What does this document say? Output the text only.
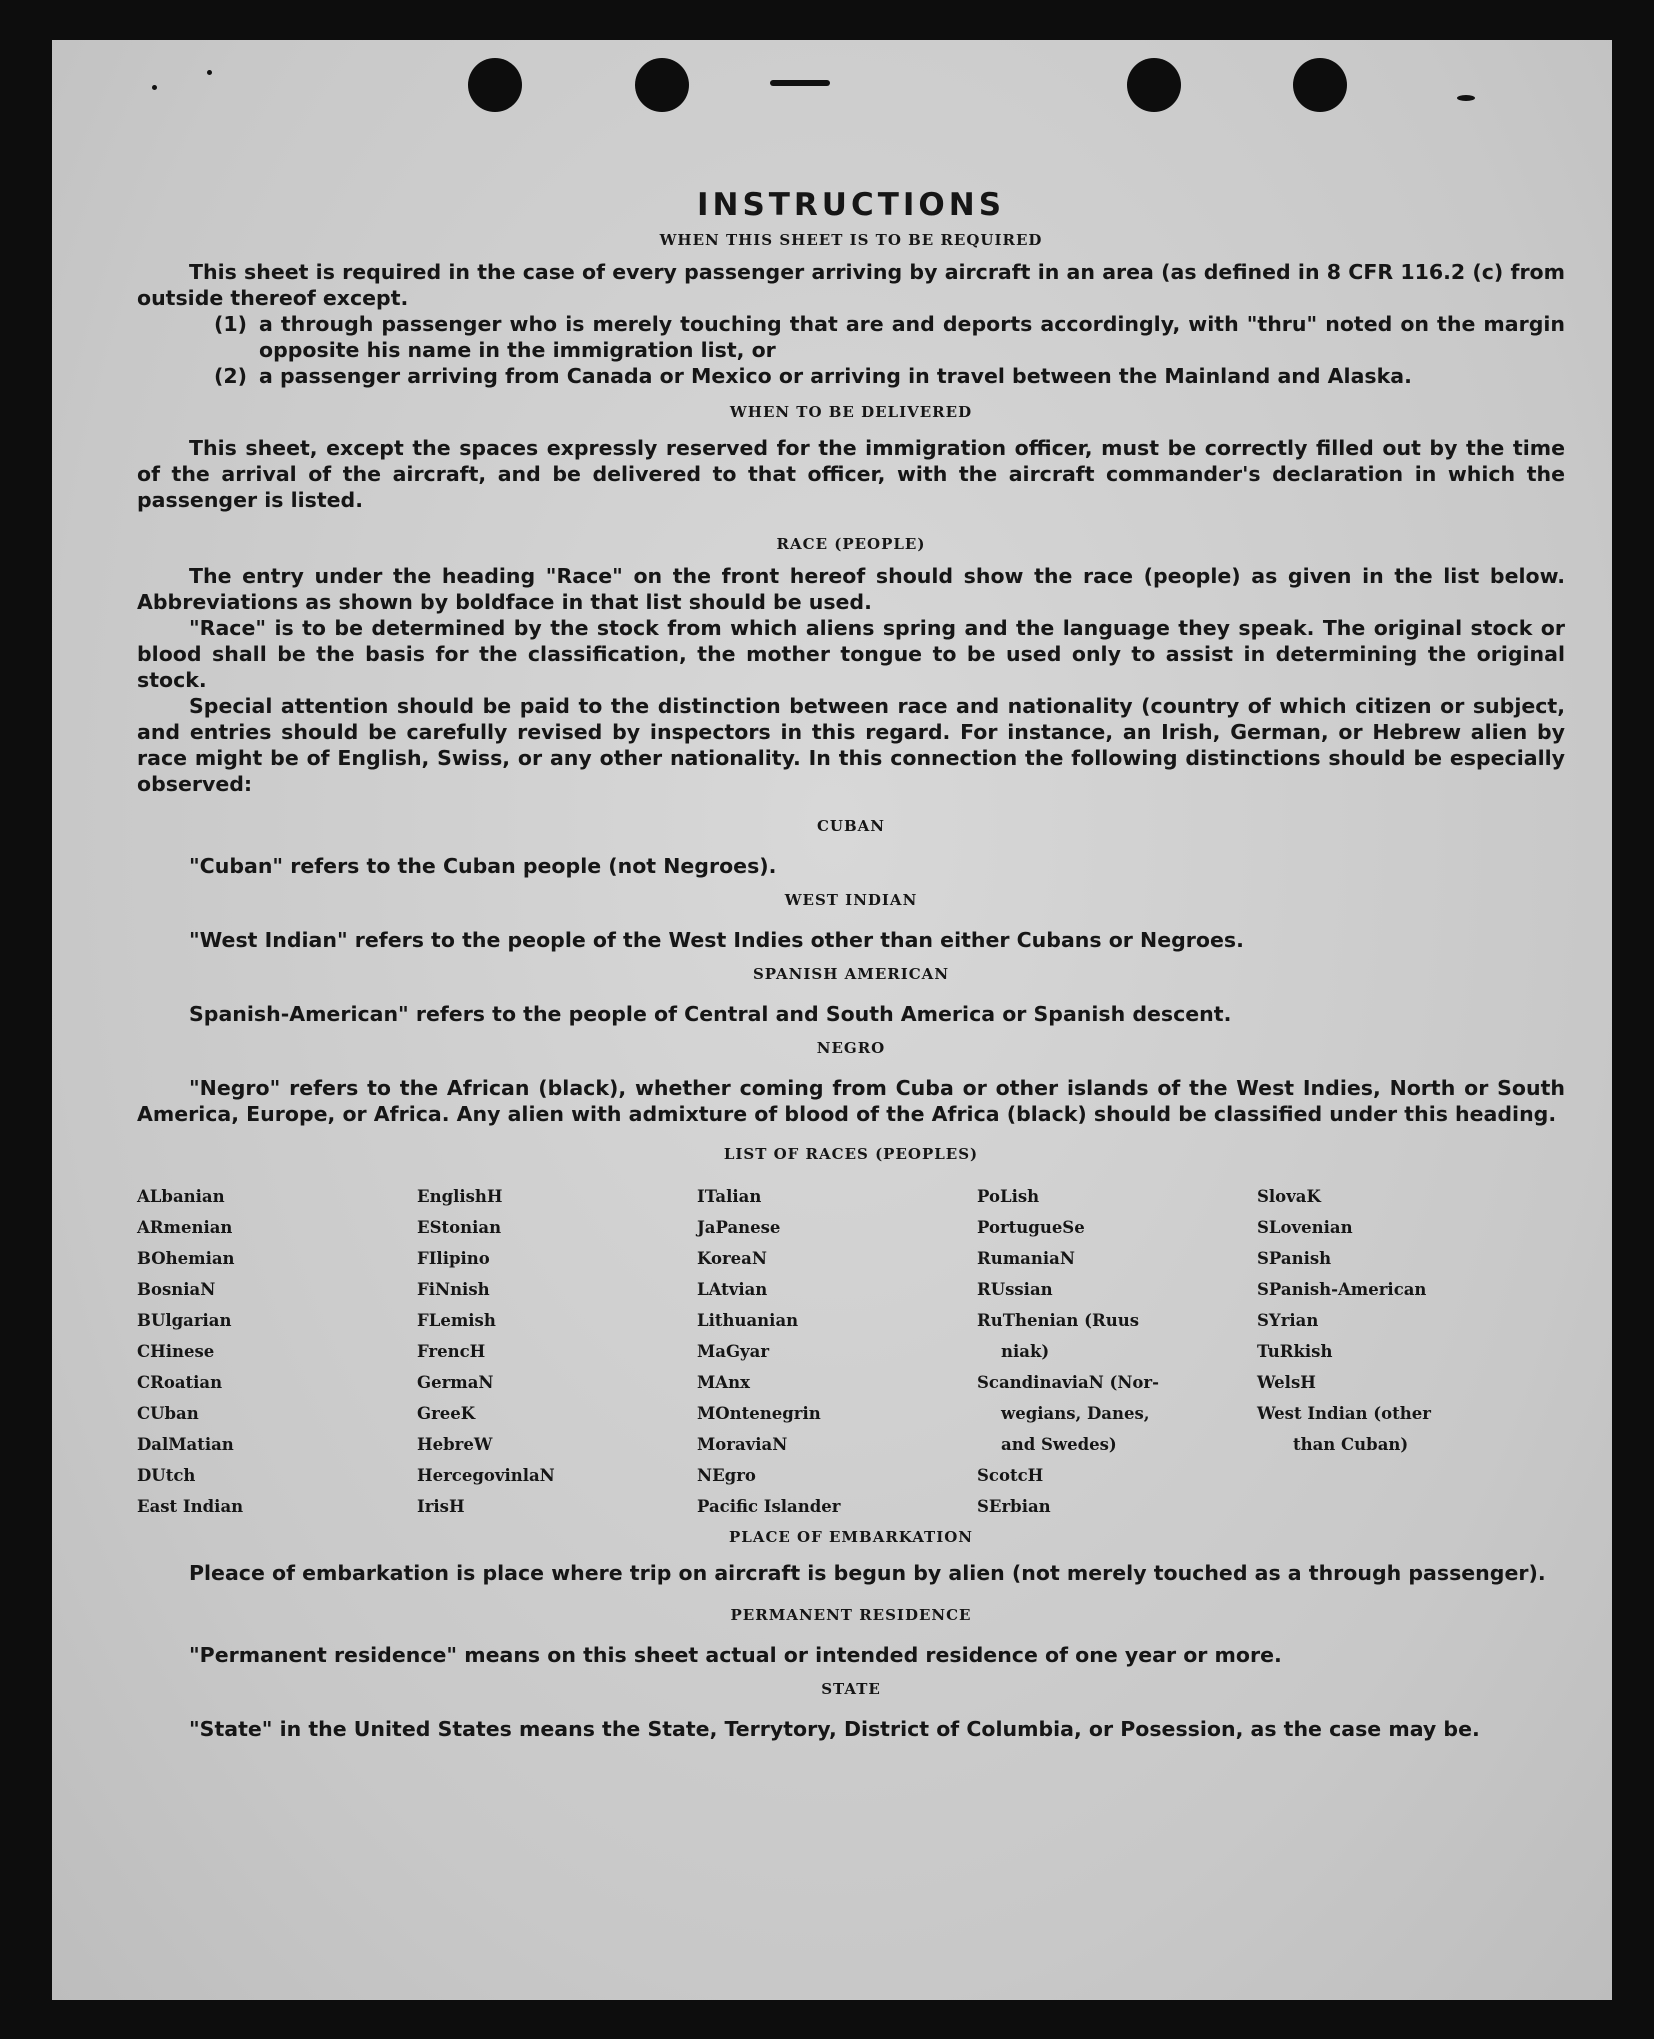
INSTRUCTIONS
WHEN THIS SHEET IS TO BE REQUIRED

This sheet is required in the case of every passenger arriving by aircraft in an area (as defined in 8 CFR 116.2 (c) from outside thereof except.

(1) a through passenger who is merely touching that are and deports accordingly, with "thru" noted on the margin opposite his name in the immigration list, or
(2) a passenger arriving from Canada or Mexico or arriving in travel between the Mainland and Alaska.
WHEN TO BE DELIVERED

This sheet, except the spaces expressly reserved for the immigration officer, must be correctly filled out by the time of the arrival of the aircraft, and be delivered to that officer, with the aircraft commander's declaration in which the passenger is listed.

RACE (PEOPLE)

The entry under the heading "Race" on the front hereof should show the race (people) as given in the list below. Abbreviations as shown by boldface in that list should be used.

"Race" is to be determined by the stock from which aliens spring and the language they speak. The original stock or blood shall be the basis for the classification, the mother tongue to be used only to assist in determining the original stock.

Special attention should be paid to the distinction between race and nationality (country of which citizen or subject, and entries should be carefully revised by inspectors in this regard. For instance, an Irish, German, or Hebrew alien by race might be of English, Swiss, or any other nationality. In this connection the following distinctions should be especially observed:

CUBAN

"Cuban" refers to the Cuban people (not Negroes).

WEST INDIAN

"West Indian" refers to the people of the West Indies other than either Cubans or Negroes.

SPANISH AMERICAN

Spanish-American" refers to the people of Central and South America or Spanish descent.

NEGRO

"Negro" refers to the African (black), whether coming from Cuba or other islands of the West Indies, North or South America, Europe, or Africa. Any alien with admixture of blood of the Africa (black) should be classified under this heading.

LIST OF RACES (PEOPLES)
ALbanian
ARmenian
BOhemian
BosniaN
BUlgarian
CHinese
CRoatian
CUban
DalMatian
DUtch
East Indian
EnglishH
EStonian
FIlipino
FiNnish
FLemish
FrencH
GermaN
GreeK
HebreW
HercegovinlaN
IrisH
ITalian
JaPanese
KoreaN
LAtvian
Lithuanian
MaGyar
MAnx
MOntenegrin
MoraviaN
NEgro
Pacific Islander
PoLish
PortugueSe
RumaniaN
RUssian
RuThenian (Ruus
niak)
ScandinaviaN (Nor-
wegians, Danes,
and Swedes)
ScotcH
SErbian
SlovaK
SLovenian
SPanish
SPanish-American
SYrian
TuRkish
WelsH
West Indian (other
than Cuban)
PLACE OF EMBARKATION

Pleace of embarkation is place where trip on aircraft is begun by alien (not merely touched as a through passenger).

PERMANENT RESIDENCE

"Permanent residence" means on this sheet actual or intended residence of one year or more.

STATE

"State" in the United States means the State, Terrytory, District of Columbia, or Posession, as the case may be.
